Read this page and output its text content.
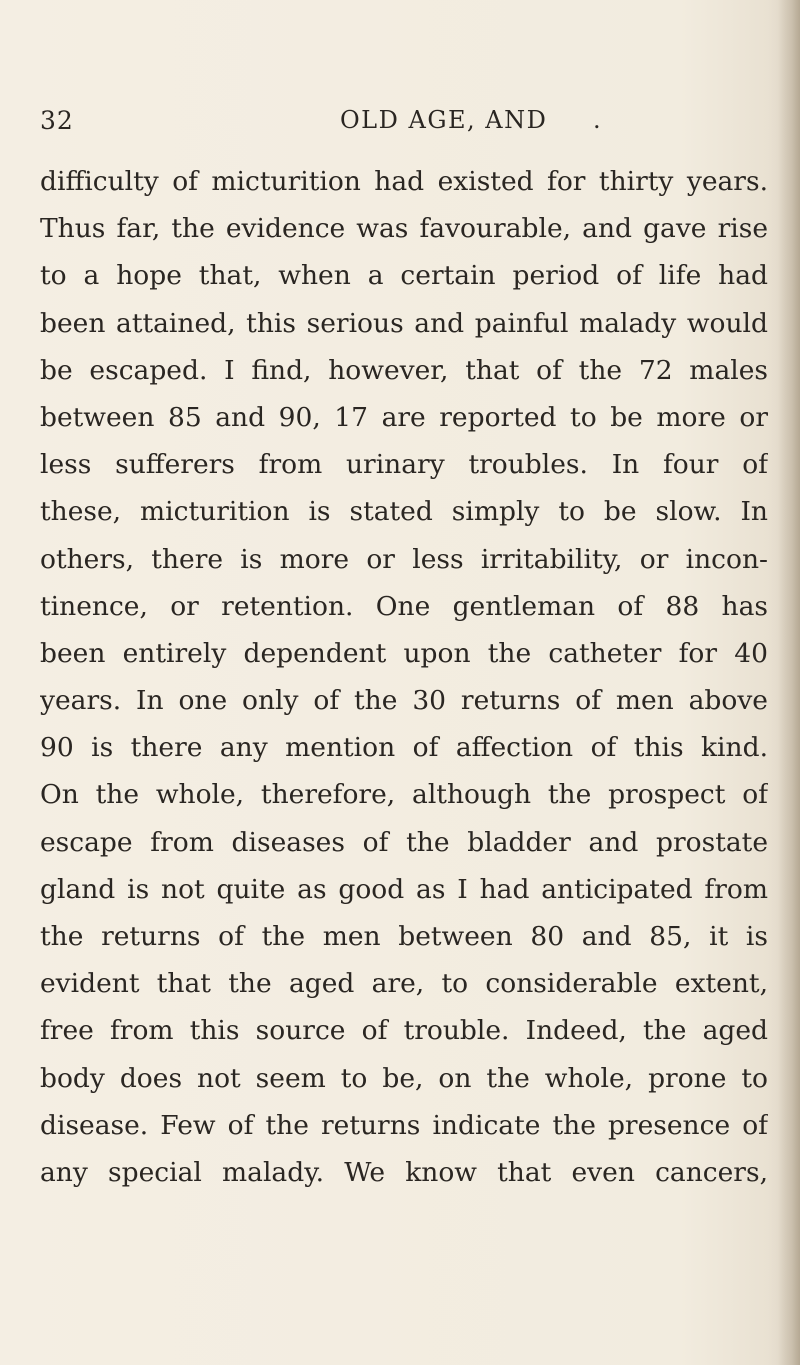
32	OLD AGE, AND     .
difficulty of micturition had existed for thirty years.
Thus far, the evidence was favourable, and gave rise
to a hope that, when a certain period of life had
been attained, this serious and painful malady would
be escaped. I find, however, that of the 72 males
between 85 and 90, 17 are reported to be more or
less sufferers from urinary troubles. In four of
these, micturition is stated simply to be slow. In
others, there is more or less irritability, or incon-
tinence, or retention. One gentleman of 88 has
been entirely dependent upon the catheter for 40
years. In one only of the 30 returns of men above
90 is there any mention of affection of this kind.
On the whole, therefore, although the prospect of
escape from diseases of the bladder and prostate
gland is not quite as good as I had anticipated from
the returns of the men between 80 and 85, it is
evident that the aged are, to considerable extent,
free from this source of trouble. Indeed, the aged
body does not seem to be, on the whole, prone to
disease. Few of the returns indicate the presence of
any special malady. We know that even cancers,
